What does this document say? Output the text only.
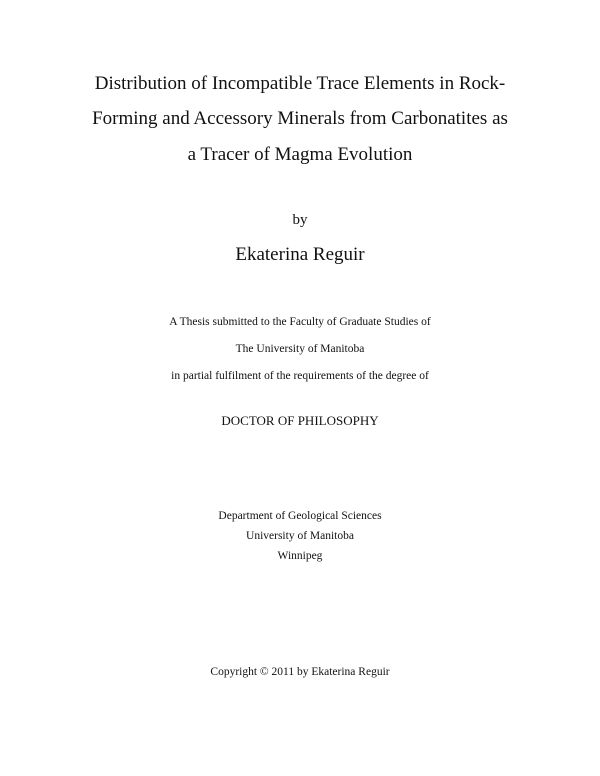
Distribution of Incompatible Trace Elements in Rock-
Forming and Accessory Minerals from Carbonatites as
a Tracer of Magma Evolution
by
Ekaterina Reguir
A Thesis submitted to the Faculty of Graduate Studies of
The University of Manitoba
in partial fulfilment of the requirements of the degree of
DOCTOR OF PHILOSOPHY
Department of Geological Sciences
University of Manitoba
Winnipeg
Copyright © 2011 by Ekaterina Reguir
